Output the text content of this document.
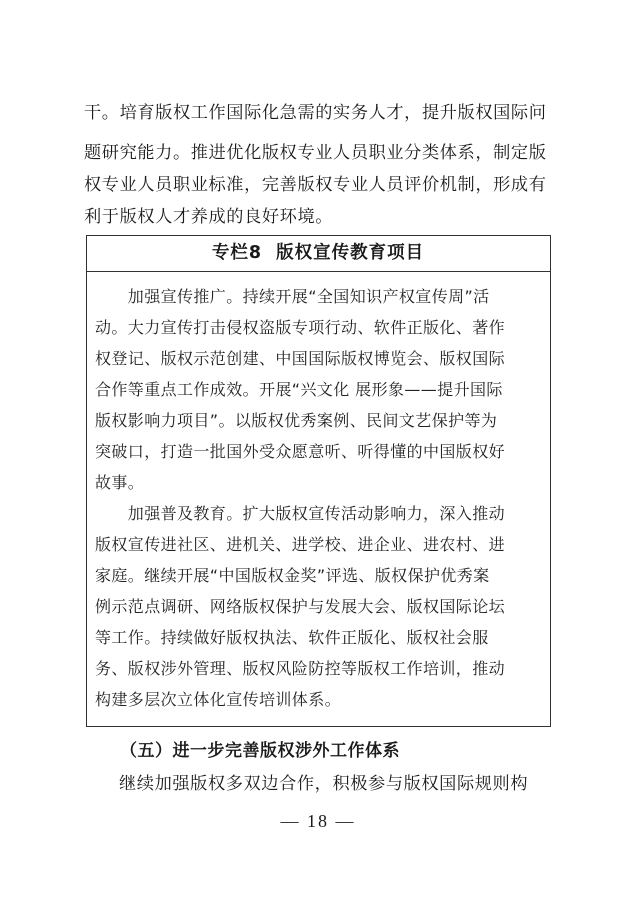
干。培育版权工作国际化急需的实务人才，提升版权国际问
题研究能力。推进优化版权专业人员职业分类体系，制定版
权专业人员职业标准，完善版权专业人员评价机制，形成有
利于版权人才养成的良好环境。
专栏8 版权宣传教育项目
　　加强宣传推广。持续开展“全国知识产权宣传周”活
动。大力宣传打击侵权盗版专项行动、软件正版化、著作
权登记、版权示范创建、中国国际版权博览会、版权国际
合作等重点工作成效。开展“兴文化 展形象——提升国际
版权影响力项目”。以版权优秀案例、民间文艺保护等为
突破口，打造一批国外受众愿意听、听得懂的中国版权好
故事。
　　加强普及教育。扩大版权宣传活动影响力，深入推动
版权宣传进社区、进机关、进学校、进企业、进农村、进
家庭。继续开展“中国版权金奖”评选、版权保护优秀案
例示范点调研、网络版权保护与发展大会、版权国际论坛
等工作。持续做好版权执法、软件正版化、版权社会服
务、版权涉外管理、版权风险防控等版权工作培训，推动
构建多层次立体化宣传培训体系。
（五）进一步完善版权涉外工作体系
继续加强版权多双边合作，积极参与版权国际规则构
— 18 —
